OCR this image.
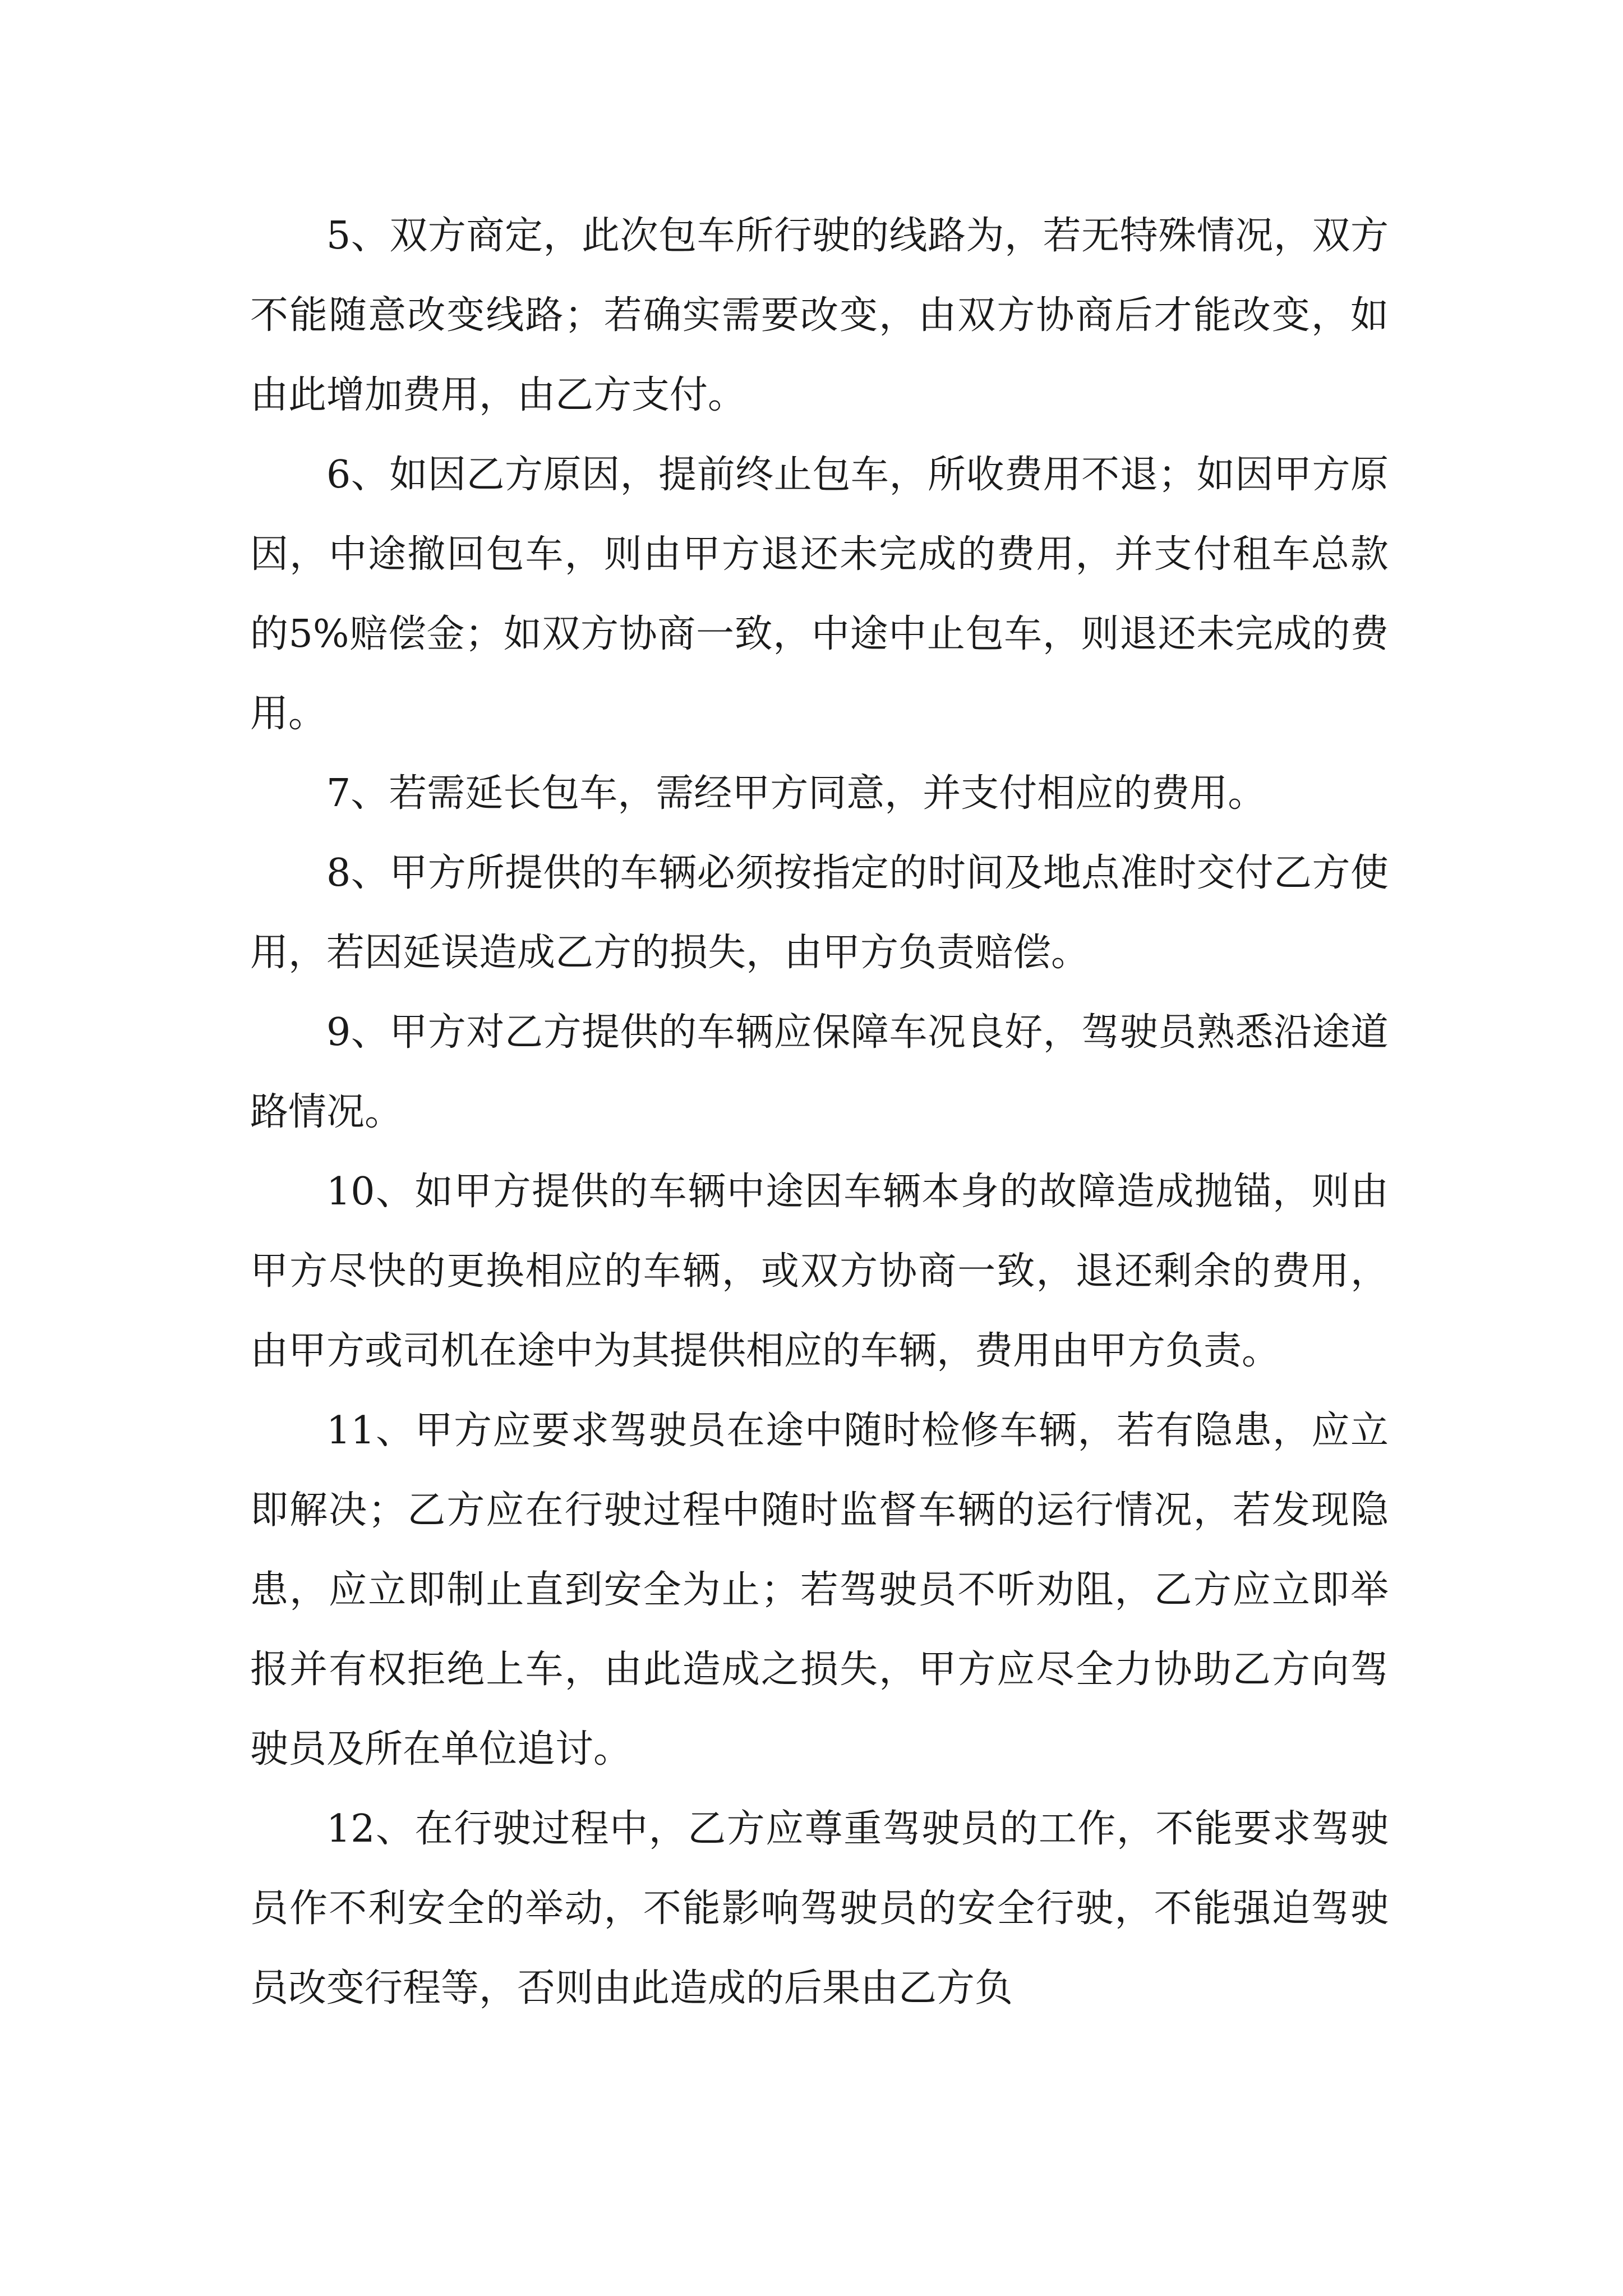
5、双方商定，此次包车所行驶的线路为，若无特殊情况，双方不能随意改变线路；若确实需要改变，由双方协商后才能改变，如由此增加费用，由乙方支付。

6、如因乙方原因，提前终止包车，所收费用不退；如因甲方原因，中途撤回包车，则由甲方退还未完成的费用，并支付租车总款的5%赔偿金；如双方协商一致，中途中止包车，则退还未完成的费用。

7、若需延长包车，需经甲方同意，并支付相应的费用。

8、甲方所提供的车辆必须按指定的时间及地点准时交付乙方使用，若因延误造成乙方的损失，由甲方负责赔偿。

9、甲方对乙方提供的车辆应保障车况良好，驾驶员熟悉沿途道路情况。

10、如甲方提供的车辆中途因车辆本身的故障造成抛锚，则由甲方尽快的更换相应的车辆，或双方协商一致，退还剩余的费用，由甲方或司机在途中为其提供相应的车辆，费用由甲方负责。

11、甲方应要求驾驶员在途中随时检修车辆，若有隐患，应立即解决；乙方应在行驶过程中随时监督车辆的运行情况，若发现隐患，应立即制止直到安全为止；若驾驶员不听劝阻，乙方应立即举报并有权拒绝上车，由此造成之损失，甲方应尽全力协助乙方向驾驶员及所在单位追讨。

12、在行驶过程中，乙方应尊重驾驶员的工作，不能要求驾驶员作不利安全的举动，不能影响驾驶员的安全行驶，不能强迫驾驶员改变行程等，否则由此造成的后果由乙方负
